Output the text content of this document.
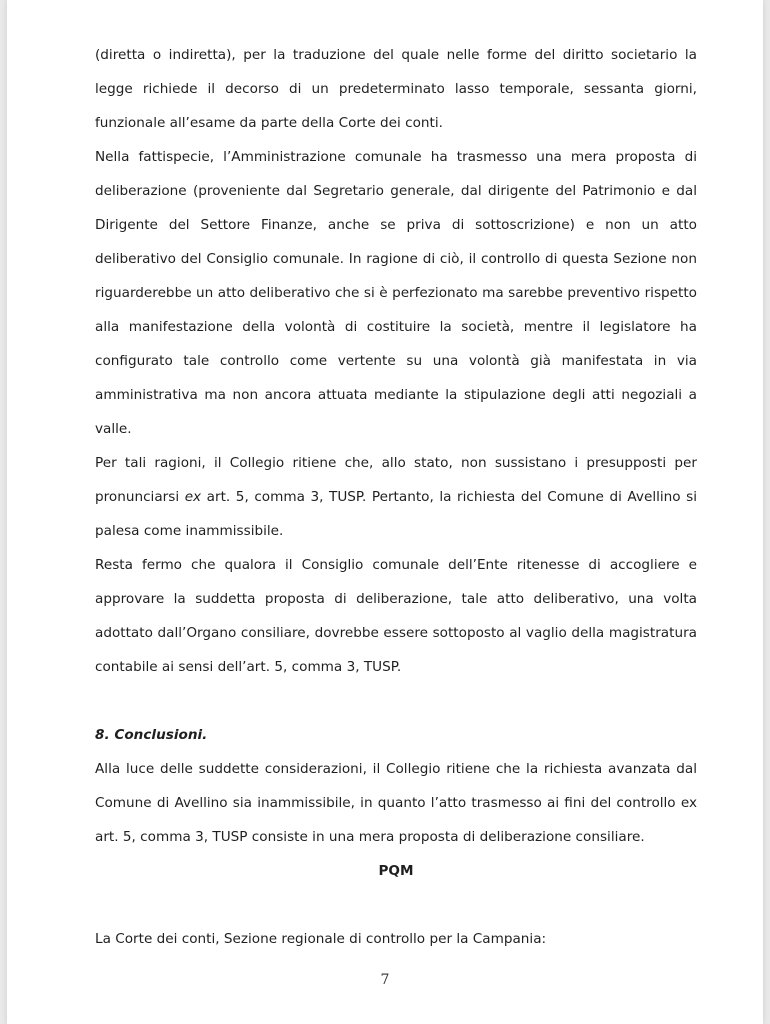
(diretta o indiretta), per la traduzione del quale nelle forme del diritto societario la legge richiede il decorso di un predeterminato lasso temporale, sessanta giorni, funzionale all’esame da parte della Corte dei conti.

Nella fattispecie, l’Amministrazione comunale ha trasmesso una mera proposta di deliberazione (proveniente dal Segretario generale, dal dirigente del Patrimonio e dal Dirigente del Settore Finanze, anche se priva di sottoscrizione) e non un atto deliberativo del Consiglio comunale. In ragione di ciò, il controllo di questa Sezione non riguarderebbe un atto deliberativo che si è perfezionato ma sarebbe preventivo rispetto alla manifestazione della volontà di costituire la società, mentre il legislatore ha configurato tale controllo come vertente su una volontà già manifestata in via amministrativa ma non ancora attuata mediante la stipulazione degli atti negoziali a valle.

Per tali ragioni, il Collegio ritiene che, allo stato, non sussistano i presupposti per pronunciarsi ex art. 5, comma 3, TUSP. Pertanto, la richiesta del Comune di Avellino si palesa come inammissibile.

Resta fermo che qualora il Consiglio comunale dell’Ente ritenesse di accogliere e approvare la suddetta proposta di deliberazione, tale atto deliberativo, una volta adottato dall’Organo consiliare, dovrebbe essere sottoposto al vaglio della magistratura contabile ai sensi dell’art. 5, comma 3, TUSP.

8. Conclusioni.

Alla luce delle suddette considerazioni, il Collegio ritiene che la richiesta avanzata dal Comune di Avellino sia inammissibile, in quanto l’atto trasmesso ai fini del controllo ex art. 5, comma 3, TUSP consiste in una mera proposta di deliberazione consiliare.

PQM

La Corte dei conti, Sezione regionale di controllo per la Campania:

7
